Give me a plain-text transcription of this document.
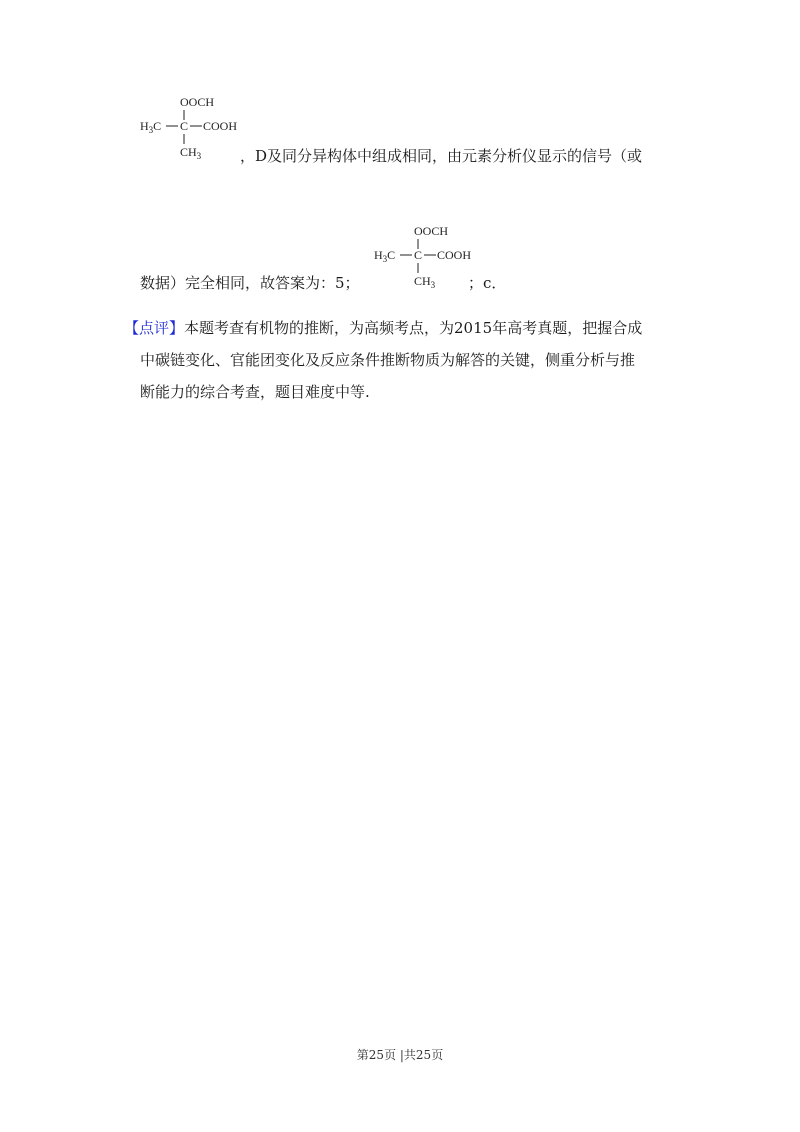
OOCH
$H_3C$ C COOH
$CH_3$	，D及同分异构体中组成相同，由元素分析仪显示的信号（或
OOCH
$H_3C$ C COOH
$CH_3$
数据）完全相同，故答案为：5；	；c．
【点评】本题考查有机物的推断，为高频考点，为2015年高考真题，把握合成
中碳链变化、官能团变化及反应条件推断物质为解答的关键，侧重分析与推
断能力的综合考查，题目难度中等.
第25页 |共25页
